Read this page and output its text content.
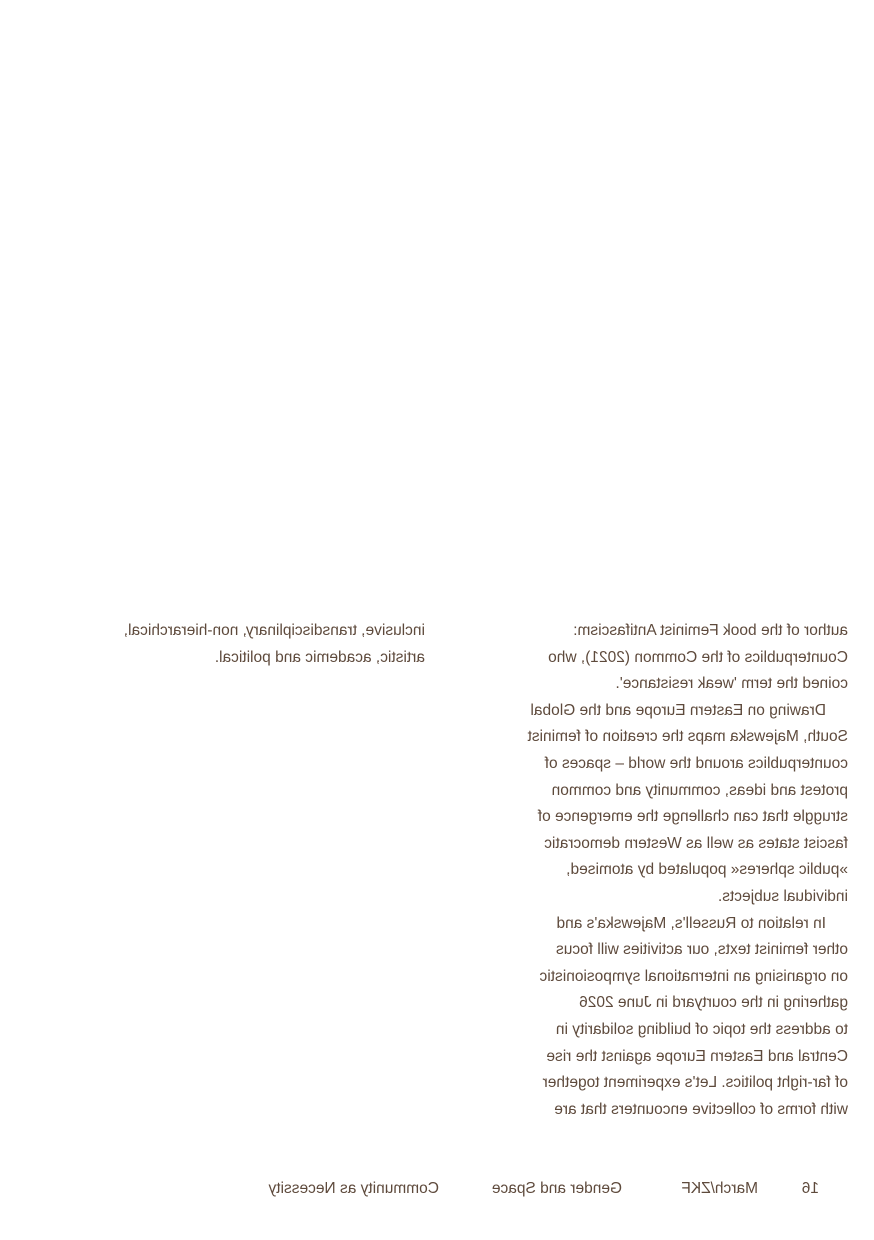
author of the book Feminist Antifascism:
Counterpublics of the Common (2021), who
coined the term 'weak resistance'.
Drawing on Eastern Europe and the Global
South, Majewska maps the creation of feminist
counterpublics around the world – spaces of
protest and ideas, community and common
struggle that can challenge the emergence of
fascist states as well as Western democratic
»public spheres« populated by atomised,
individual subjects.
In relation to Russell's, Majewska's and
other feminist texts, our activities will focus
on organising an international symposionistic
gathering in the courtyard in June 2026
to address the topic of building solidarity in
Central and Eastern Europe against the rise
of far-right politics. Let's experiment together
with forms of collective encounters that are
inclusive, transdisciplinary, non-hierarchical,
artistic, academic and political.
16
March/ZKF
Gender and Space
Community as Necessity
